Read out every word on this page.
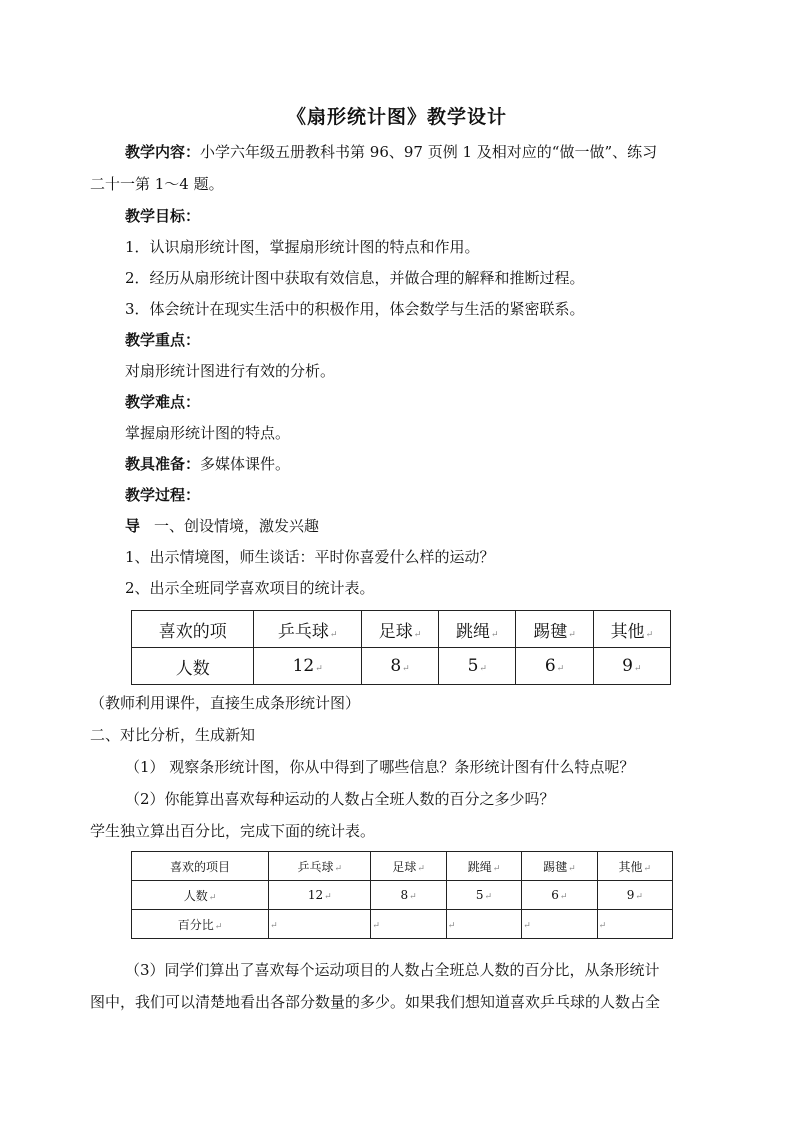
《扇形统计图》教学设计
教学内容：小学六年级五册教科书第 96、97 页例 1 及相对应的“做一做”、练习
二十一第 1～4 题。
教学目标：
1．认识扇形统计图，掌握扇形统计图的特点和作用。
2．经历从扇形统计图中获取有效信息，并做合理的解释和推断过程。
3．体会统计在现实生活中的积极作用，体会数学与生活的紧密联系。
教学重点：
对扇形统计图进行有效的分析。
教学难点：
掌握扇形统计图的特点。
教具准备：多媒体课件。
教学过程：
导 一、创设情境，激发兴趣
1、出示情境图，师生谈话：平时你喜爱什么样的运动？
2、出示全班同学喜欢项目的统计表。
喜欢的项	乒乓球↵	足球↵	跳绳↵	踢毽↵	其他↵
人数	12↵	8↵	5↵	6↵	9↵
（教师利用课件，直接生成条形统计图）
二、对比分析，生成新知
（1） 观察条形统计图，你从中得到了哪些信息？条形统计图有什么特点呢？
（2）你能算出喜欢每种运动的人数占全班人数的百分之多少吗？
学生独立算出百分比，完成下面的统计表。
喜欢的项目	乒乓球↵	足球↵	跳绳↵	踢毽↵	其他↵
人数↵	12↵	8↵	5↵	6↵	9↵
百分比↵	↵	↵	↵	↵	↵
（3）同学们算出了喜欢每个运动项目的人数占全班总人数的百分比，从条形统计
图中，我们可以清楚地看出各部分数量的多少。如果我们想知道喜欢乒乓球的人数占全
